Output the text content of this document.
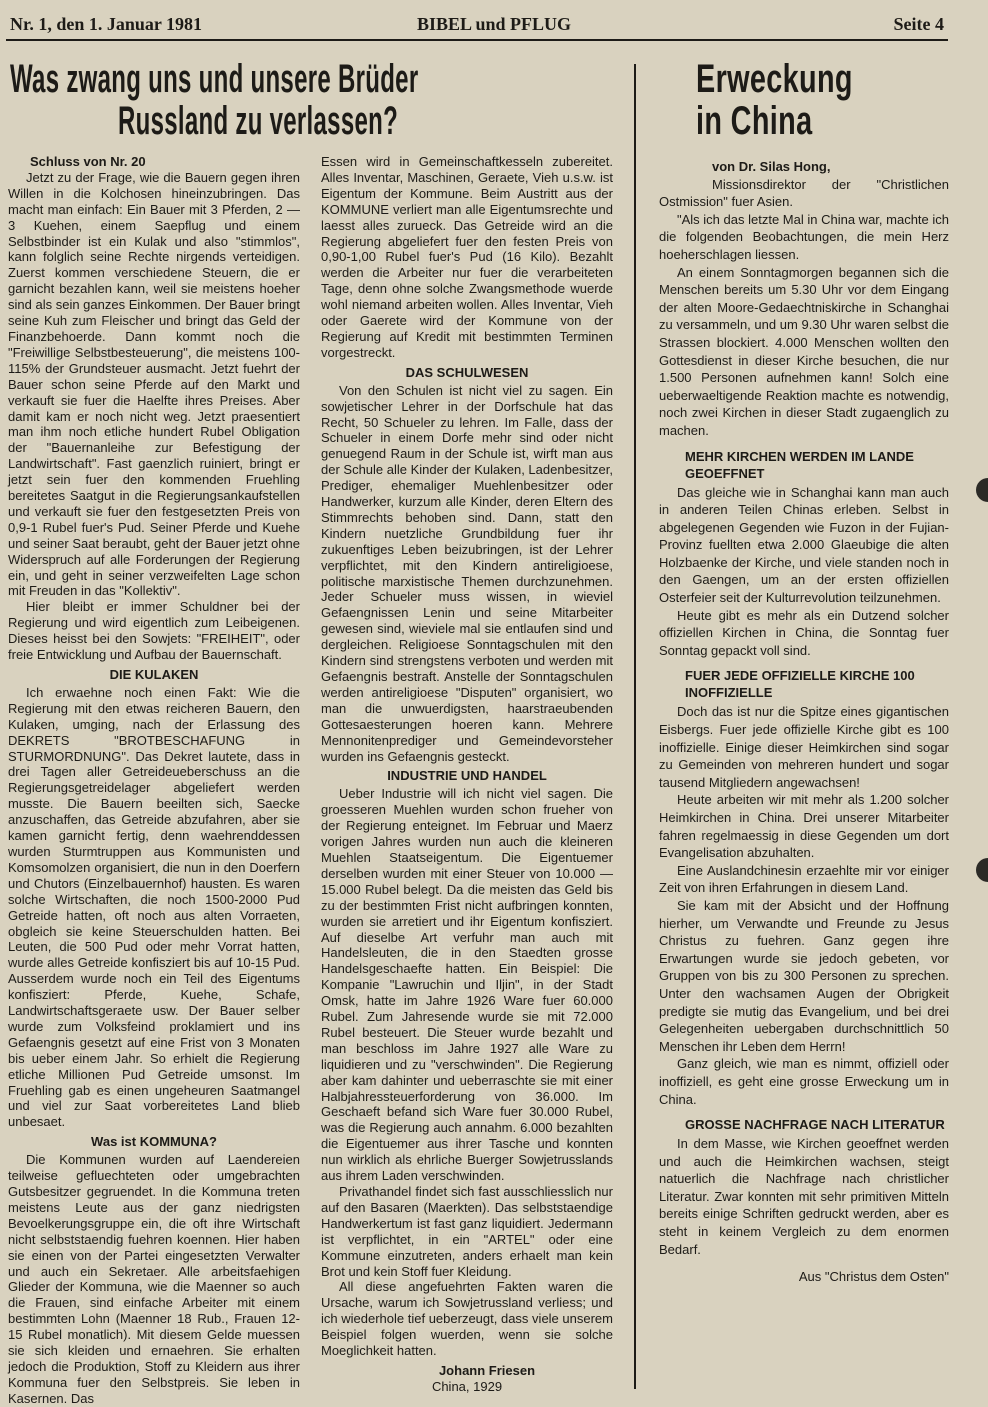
Nr. 1, den 1. Januar 1981	BIBEL und PFLUG	Seite 4
Was zwang uns und unsere Brüder
Russland zu verlassen?
Erweckung
in China

Schluss von Nr. 20

Jetzt zu der Frage, wie die Bauern gegen ihren Willen in die Kolchosen hineinzubringen. Das macht man einfach: Ein Bauer mit 3 Pferden, 2 — 3 Kuehen, einem Saepflug und einem Selbstbinder ist ein Kulak und also "stimmlos", kann folglich seine Rechte nirgends verteidigen. Zuerst kommen verschiedene Steuern, die er garnicht bezahlen kann, weil sie meistens hoeher sind als sein ganzes Einkommen. Der Bauer bringt seine Kuh zum Fleischer und bringt das Geld der Finanzbehoerde. Dann kommt noch die "Freiwillige Selbstbesteuerung", die meistens 100-115% der Grundsteuer ausmacht. Jetzt fuehrt der Bauer schon seine Pferde auf den Markt und verkauft sie fuer die Haelfte ihres Preises. Aber damit kam er noch nicht weg. Jetzt praesentiert man ihm noch etliche hundert Rubel Obligation der "Bauernanleihe zur Befestigung der Landwirtschaft". Fast gaenzlich ruiniert, bringt er jetzt sein fuer den kommenden Fruehling bereitetes Saatgut in die Regierungsankaufstellen und verkauft sie fuer den festgesetzten Preis von 0,9-1 Rubel fuer's Pud. Seiner Pferde und Kuehe und seiner Saat beraubt, geht der Bauer jetzt ohne Widerspruch auf alle Forderungen der Regierung ein, und geht in seiner verzweifelten Lage schon mit Freuden in das "Kollektiv".

Hier bleibt er immer Schuldner bei der Regierung und wird eigentlich zum Leibeigenen. Dieses heisst bei den Sowjets: "FREIHEIT", oder freie Entwicklung und Aufbau der Bauernschaft.

DIE KULAKEN

Ich erwaehne noch einen Fakt: Wie die Regierung mit den etwas reicheren Bauern, den Kulaken, umging, nach der Erlassung des DEKRETS "BROTBESCHAFUNG in STURMORDNUNG". Das Dekret lautete, dass in drei Tagen aller Getreideueberschuss an die Regierungsgetreidelager abgeliefert werden musste. Die Bauern beeilten sich, Saecke anzuschaffen, das Getreide abzufahren, aber sie kamen garnicht fertig, denn waehrenddessen wurden Sturmtruppen aus Kommunisten und Komsomolzen organisiert, die nun in den Doerfern und Chutors (Einzelbauernhof) hausten. Es waren solche Wirtschaften, die noch 1500-2000 Pud Getreide hatten, oft noch aus alten Vorraeten, obgleich sie keine Steuerschulden hatten. Bei Leuten, die 500 Pud oder mehr Vorrat hatten, wurde alles Getreide konfisziert bis auf 10-15 Pud. Ausserdem wurde noch ein Teil des Eigentums konfisziert: Pferde, Kuehe, Schafe, Landwirtschaftsgeraete usw. Der Bauer selber wurde zum Volksfeind proklamiert und ins Gefaengnis gesetzt auf eine Frist von 3 Monaten bis ueber einem Jahr. So erhielt die Regierung etliche Millionen Pud Getreide umsonst. Im Fruehling gab es einen ungeheuren Saatmangel und viel zur Saat vorbereitetes Land blieb unbesaet.

Was ist KOMMUNA?

Die Kommunen wurden auf Laendereien teilweise gefluechteten oder umgebrachten Gutsbesitzer gegruendet. In die Kommuna treten meistens Leute aus der ganz niedrigsten Bevoelkerungsgruppe ein, die oft ihre Wirtschaft nicht selbststaendig fuehren koennen. Hier haben sie einen von der Partei eingesetzten Verwalter und auch ein Sekretaer. Alle arbeitsfaehigen Glieder der Kommuna, wie die Maenner so auch die Frauen, sind einfache Arbeiter mit einem bestimmten Lohn (Maenner 18 Rub., Frauen 12-15 Rubel monatlich). Mit diesem Gelde muessen sie sich kleiden und ernaehren. Sie erhalten jedoch die Produktion, Stoff zu Kleidern aus ihrer Kommuna fuer den Selbstpreis. Sie leben in Kasernen. Das

Essen wird in Gemeinschaftkesseln zubereitet. Alles Inventar, Maschinen, Geraete, Vieh u.s.w. ist Eigentum der Kommune. Beim Austritt aus der KOMMUNE verliert man alle Eigentumsrechte und laesst alles zurueck. Das Getreide wird an die Regierung abgeliefert fuer den festen Preis von 0,90-1,00 Rubel fuer's Pud (16 Kilo). Bezahlt werden die Arbeiter nur fuer die verarbeiteten Tage, denn ohne solche Zwangsmethode wuerde wohl niemand arbeiten wollen. Alles Inventar, Vieh oder Gaerete wird der Kommune von der Regierung auf Kredit mit bestimmten Terminen vorgestreckt.

DAS SCHULWESEN

Von den Schulen ist nicht viel zu sagen. Ein sowjetischer Lehrer in der Dorfschule hat das Recht, 50 Schueler zu lehren. Im Falle, dass der Schueler in einem Dorfe mehr sind oder nicht genuegend Raum in der Schule ist, wirft man aus der Schule alle Kinder der Kulaken, Ladenbesitzer, Prediger, ehemaliger Muehlenbesitzer oder Handwerker, kurzum alle Kinder, deren Eltern des Stimmrechts behoben sind. Dann, statt den Kindern nuetzliche Grundbildung fuer ihr zukuenftiges Leben beizubringen, ist der Lehrer verpflichtet, mit den Kindern antireligioese, politische marxistische Themen durchzunehmen. Jeder Schueler muss wissen, in wieviel Gefaengnissen Lenin und seine Mitarbeiter gewesen sind, wieviele mal sie entlaufen sind und dergleichen. Religioese Sonntagschulen mit den Kindern sind strengstens verboten und werden mit Gefaengnis bestraft. Anstelle der Sonntagschulen werden antireligioese "Disputen" organisiert, wo man die unwuerdigsten, haarstraeubenden Gottesaesterungen hoeren kann. Mehrere Mennonitenprediger und Gemeindevorsteher wurden ins Gefaengnis gesteckt.

INDUSTRIE UND HANDEL

Ueber Industrie will ich nicht viel sagen. Die groesseren Muehlen wurden schon frueher von der Regierung enteignet. Im Februar und Maerz vorigen Jahres wurden nun auch die kleineren Muehlen Staatseigentum. Die Eigentuemer derselben wurden mit einer Steuer von 10.000 — 15.000 Rubel belegt. Da die meisten das Geld bis zu der bestimmten Frist nicht aufbringen konnten, wurden sie arretiert und ihr Eigentum konfisziert. Auf dieselbe Art verfuhr man auch mit Handelsleuten, die in den Staedten grosse Handelsgeschaefte hatten. Ein Beispiel: Die Kompanie "Lawruchin und Iljin", in der Stadt Omsk, hatte im Jahre 1926 Ware fuer 60.000 Rubel. Zum Jahresende wurde sie mit 72.000 Rubel besteuert. Die Steuer wurde bezahlt und man beschloss im Jahre 1927 alle Ware zu liquidieren und zu "verschwinden". Die Regierung aber kam dahinter und ueberraschte sie mit einer Halbjahressteuerforderung von 36.000. Im Geschaeft befand sich Ware fuer 30.000 Rubel, was die Regierung auch annahm. 6.000 bezahlten die Eigentuemer aus ihrer Tasche und konnten nun wirklich als ehrliche Buerger Sowjetrusslands aus ihrem Laden verschwinden.

Privathandel findet sich fast ausschliesslich nur auf den Basaren (Maerkten). Das selbststaendige Handwerkertum ist fast ganz liquidiert. Jedermann ist verpflichtet, in ein "ARTEL" oder eine Kommune einzutreten, anders erhaelt man kein Brot und kein Stoff fuer Kleidung.

All diese angefuehrten Fakten waren die Ursache, warum ich Sowjetrussland verliess; und ich wiederhole tief ueberzeugt, dass viele unserem Beispiel folgen wuerden, wenn sie solche Moeglichkeit hatten.

Johann Friesen
China, 1929

von Dr. Silas Hong,

Missionsdirektor der "Christlichen Ostmission" fuer Asien.

"Als ich das letzte Mal in China war, machte ich die folgenden Beobachtungen, die mein Herz hoeherschlagen liessen.

An einem Sonntagmorgen begannen sich die Menschen bereits um 5.30 Uhr vor dem Eingang der alten Moore-Gedaechtniskirche in Schanghai zu versammeln, und um 9.30 Uhr waren selbst die Strassen blockiert. 4.000 Menschen wollten den Gottesdienst in dieser Kirche besuchen, die nur 1.500 Personen aufnehmen kann! Solch eine ueberwaeltigende Reaktion machte es notwendig, noch zwei Kirchen in dieser Stadt zugaenglich zu machen.

MEHR KIRCHEN WERDEN IM LANDE GEOEFFNET

Das gleiche wie in Schanghai kann man auch in anderen Teilen Chinas erleben. Selbst in abgelegenen Gegenden wie Fuzon in der Fujian-Provinz fuellten etwa 2.000 Glaeubige die alten Holzbaenke der Kirche, und viele standen noch in den Gaengen, um an der ersten offiziellen Osterfeier seit der Kulturrevolution teilzunehmen.

Heute gibt es mehr als ein Dutzend solcher offiziellen Kirchen in China, die Sonntag fuer Sonntag gepackt voll sind.

FUER JEDE OFFIZIELLE KIRCHE 100 INOFFIZIELLE

Doch das ist nur die Spitze eines gigantischen Eisbergs. Fuer jede offizielle Kirche gibt es 100 inoffizielle. Einige dieser Heimkirchen sind sogar zu Gemeinden von mehreren hundert und sogar tausend Mitgliedern angewachsen!

Heute arbeiten wir mit mehr als 1.200 solcher Heimkirchen in China. Drei unserer Mitarbeiter fahren regelmaessig in diese Gegenden um dort Evangelisation abzuhalten.

Eine Auslandchinesin erzaehlte mir vor einiger Zeit von ihren Erfahrungen in diesem Land.

Sie kam mit der Absicht und der Hoffnung hierher, um Verwandte und Freunde zu Jesus Christus zu fuehren. Ganz gegen ihre Erwartungen wurde sie jedoch gebeten, vor Gruppen von bis zu 300 Personen zu sprechen. Unter den wachsamen Augen der Obrigkeit predigte sie mutig das Evangelium, und bei drei Gelegenheiten uebergaben durchschnittlich 50 Menschen ihr Leben dem Herrn!

Ganz gleich, wie man es nimmt, offiziell oder inoffiziell, es geht eine grosse Erweckung um in China.

GROSSE NACHFRAGE NACH LITERATUR

In dem Masse, wie Kirchen geoeffnet werden und auch die Heimkirchen wachsen, steigt natuerlich die Nachfrage nach christlicher Literatur. Zwar konnten mit sehr primitiven Mitteln bereits einige Schriften gedruckt werden, aber es steht in keinem Vergleich zu dem enormen Bedarf.

Aus "Christus dem Osten"
